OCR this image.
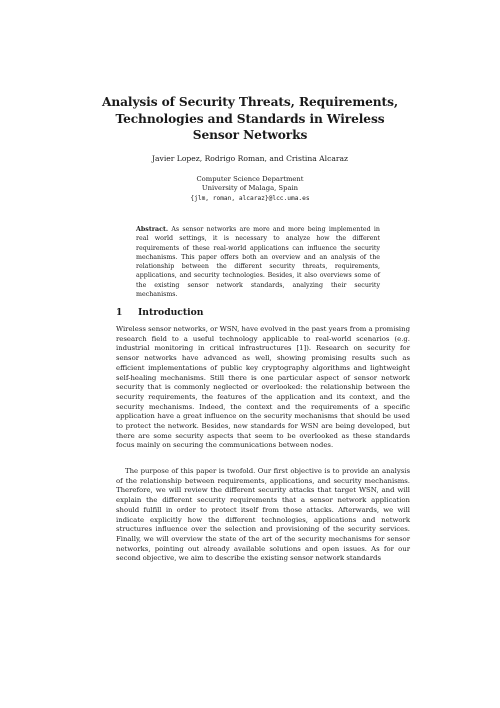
Analysis of Security Threats, Requirements, Technologies and Standards in Wireless Sensor Networks
Javier Lopez, Rodrigo Roman, and Cristina Alcaraz
Computer Science Department
University of Malaga, Spain
{jlm, roman, alcaraz}@lcc.uma.es
Abstract. As sensor networks are more and more being implemented in real world settings, it is necessary to analyze how the different requirements of these real-world applications can influence the security mechanisms. This paper offers both an overview and an analysis of the relationship between the different security threats, requirements, applications, and security technologies. Besides, it also overviews some of the existing sensor network standards, analyzing their security mechanisms.
1 Introduction
Wireless sensor networks, or WSN, have evolved in the past years from a promising research field to a useful technology applicable to real-world scenarios (e.g. industrial monitoring in critical infrastructures [1]). Research on security for sensor networks have advanced as well, showing promising results such as efficient implementations of public key cryptography algorithms and lightweight self-healing mechanisms. Still there is one particular aspect of sensor network security that is commonly neglected or overlooked: the relationship between the security requirements, the features of the application and its context, and the security mechanisms. Indeed, the context and the requirements of a specific application have a great influence on the security mechanisms that should be used to protect the network. Besides, new standards for WSN are being developed, but there are some security aspects that seem to be overlooked as these standards focus mainly on securing the communications between nodes.
The purpose of this paper is twofold. Our first objective is to provide an analysis of the relationship between requirements, applications, and security mechanisms. Therefore, we will review the different security attacks that target WSN, and will explain the different security requirements that a sensor network application should fulfill in order to protect itself from those attacks. Afterwards, we will indicate explicitly how the different technologies, applications and network structures influence over the selection and provisioning of the security services. Finally, we will overview the state of the art of the security mechanisms for sensor networks, pointing out already available solutions and open issues. As for our second objective, we aim to describe the existing sensor network standards
